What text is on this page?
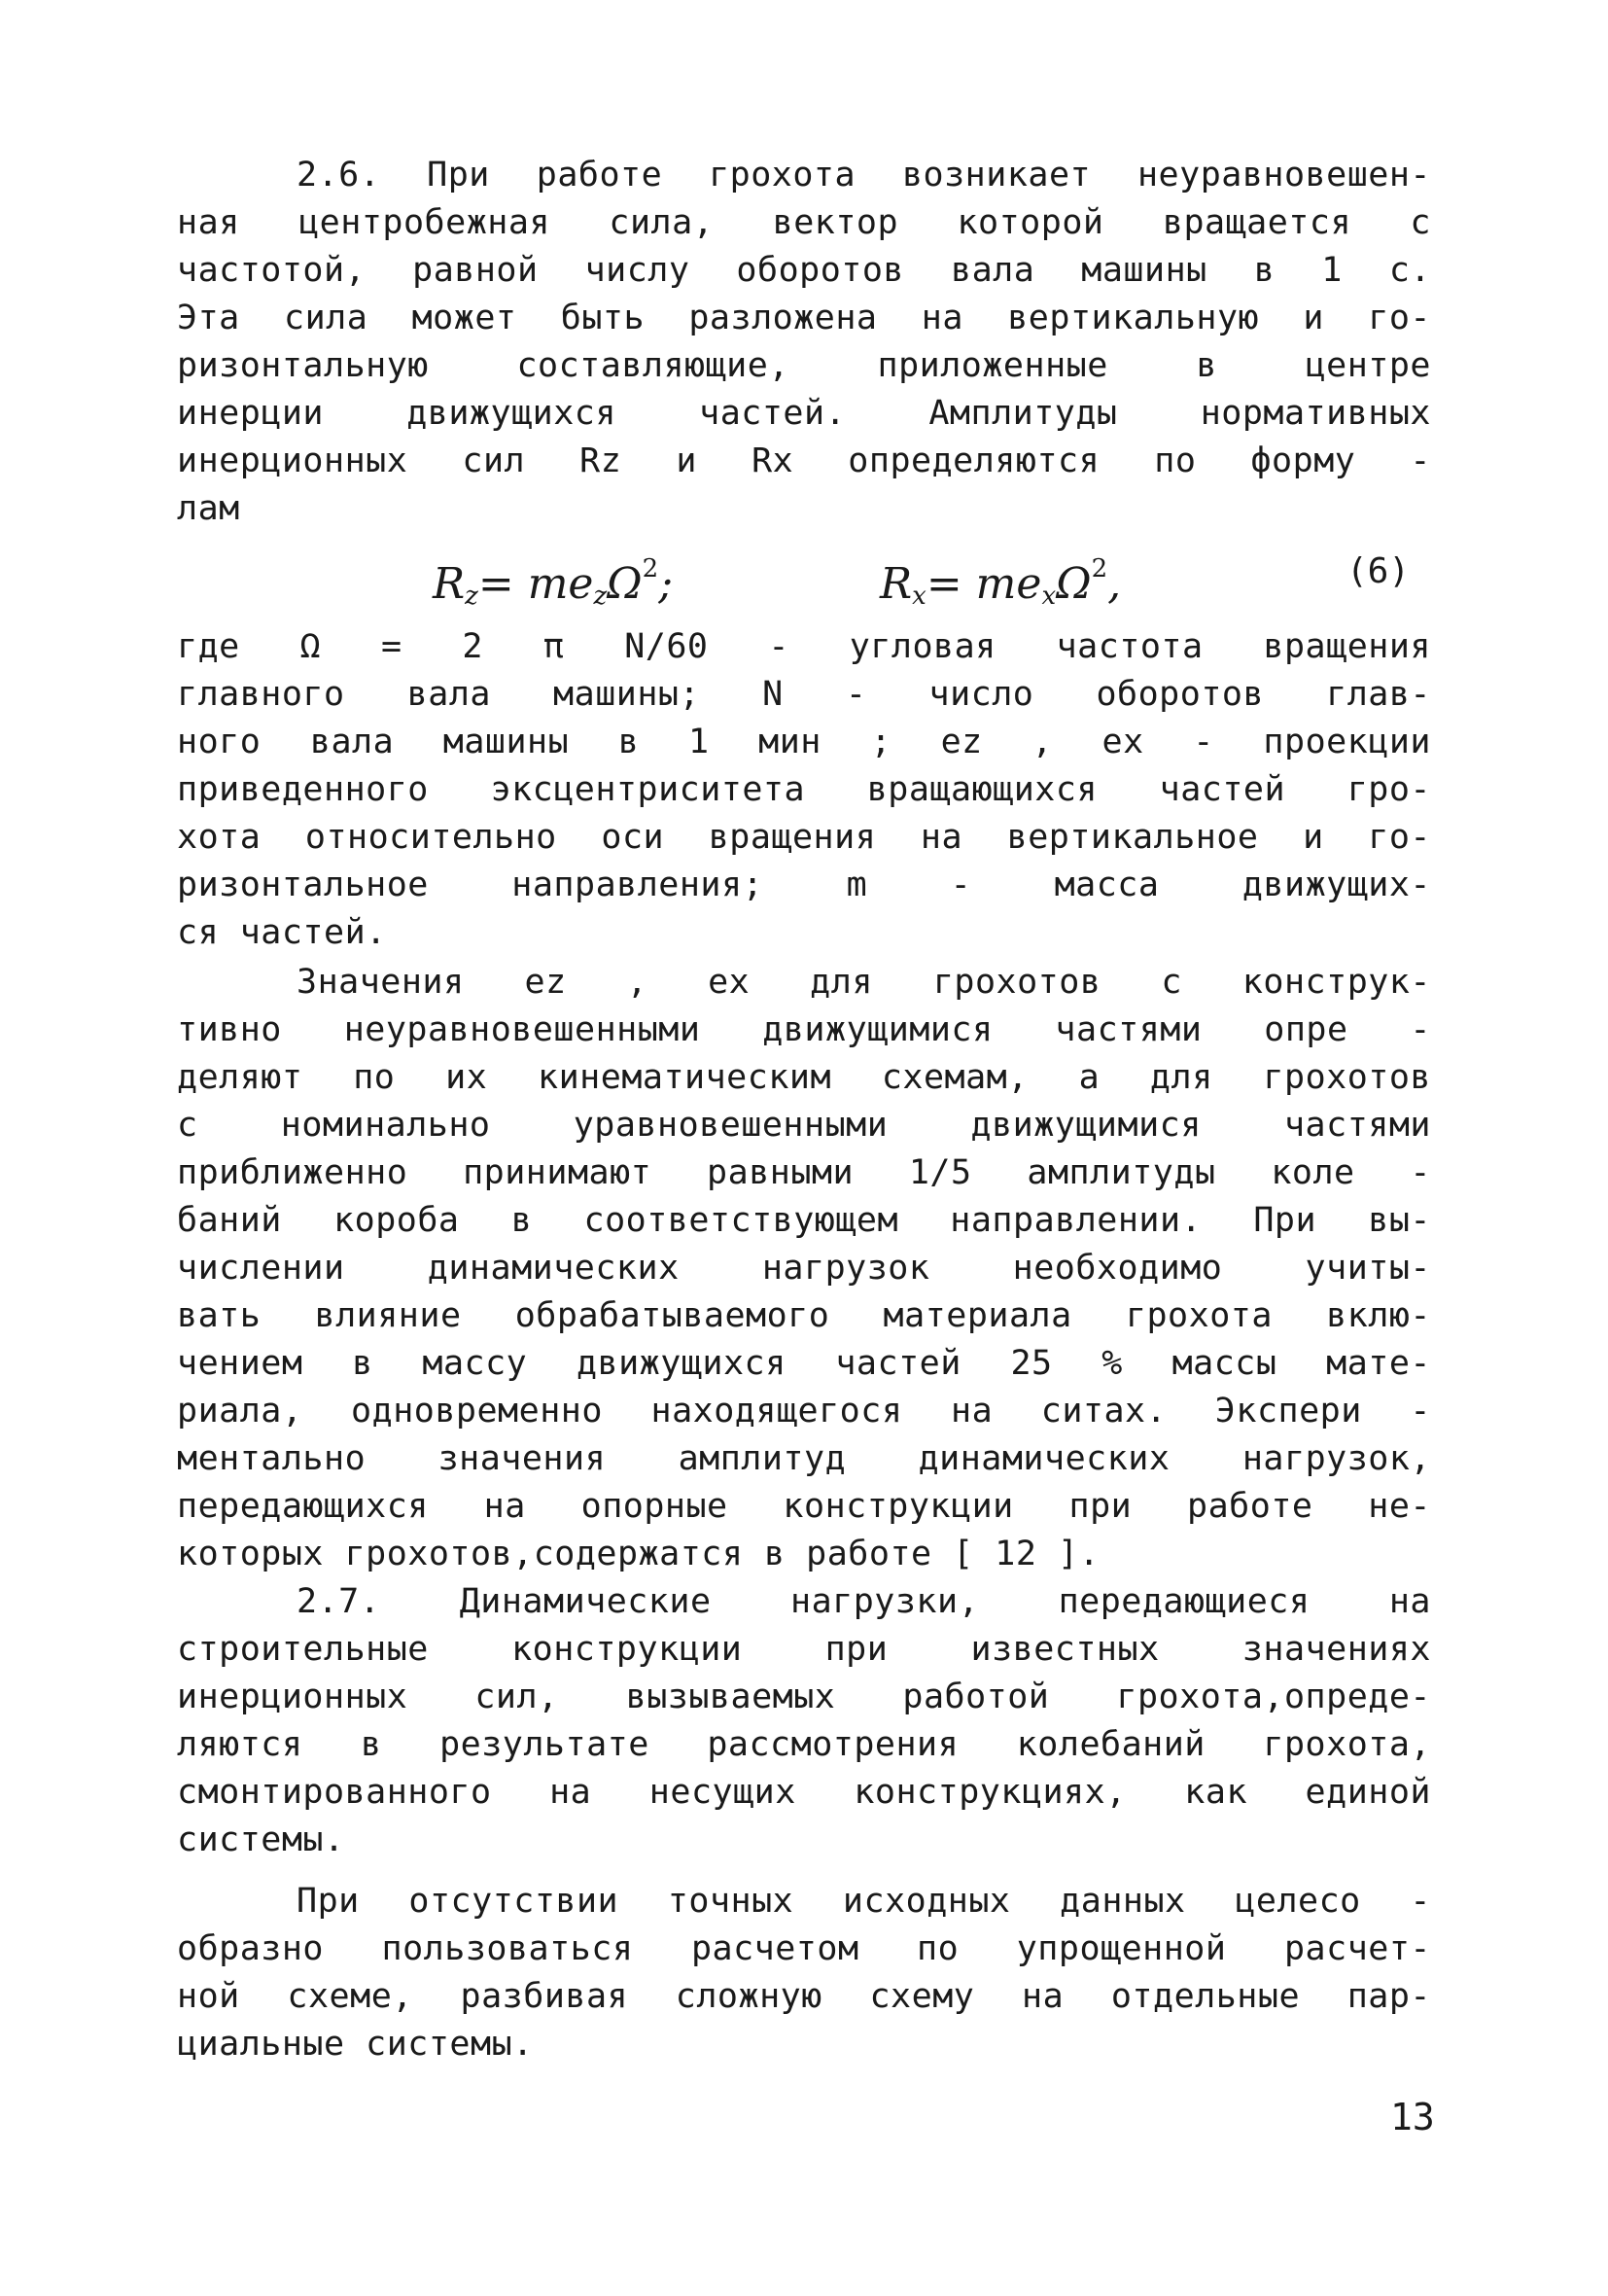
2.6. При работе грохота возникает неуравновешен-
ная центробежная сила, вектор которой вращается с
частотой, равной числу оборотов вала машины в 1 с.
Эта сила может быть разложена на вертикальную и го-
ризонтальную составляющие, приложенные в центре
инерции движущихся частей. Амплитуды нормативных
инерционных сил Rz и Rx определяются по форму -
лам
$R_z= me_z\Omega^2$;	$R_x= me_x\Omega^2$,	(6)
где Ω = 2 π N/60 - угловая частота вращения
главного вала машины; N - число оборотов глав-
ного вала машины в 1 мин ; ez , ex - проекции
приведенного эксцентриситета вращающихся частей гро-
хота относительно оси вращения на вертикальное и го-
ризонтальное направления; m - масса движущих-
ся частей.
Значения ez , ex для грохотов с конструк-
тивно неуравновешенными движущимися частями опре -
деляют по их кинематическим схемам, а для грохотов
с номинально уравновешенными движущимися частями
приближенно принимают равными 1/5 амплитуды коле -
баний короба в соответствующем направлении. При вы-
числении динамических нагрузок необходимо учиты-
вать влияние обрабатываемого материала грохота вклю-
чением в массу движущихся частей 25 % массы мате-
риала, одновременно находящегося на ситах. Экспери -
ментально значения амплитуд динамических нагрузок,
передающихся на опорные конструкции при работе не-
которых грохотов,содержатся в работе [ 12 ].
2.7. Динамические нагрузки, передающиеся на
строительные конструкции при известных значениях
инерционных сил, вызываемых работой грохота,опреде-
ляются в результате рассмотрения колебаний грохота,
смонтированного на несущих конструкциях, как единой
системы.
При отсутствии точных исходных данных целесо -
образно пользоваться расчетом по упрощенной расчет-
ной схеме, разбивая сложную схему на отдельные пар-
циальные системы.
13
